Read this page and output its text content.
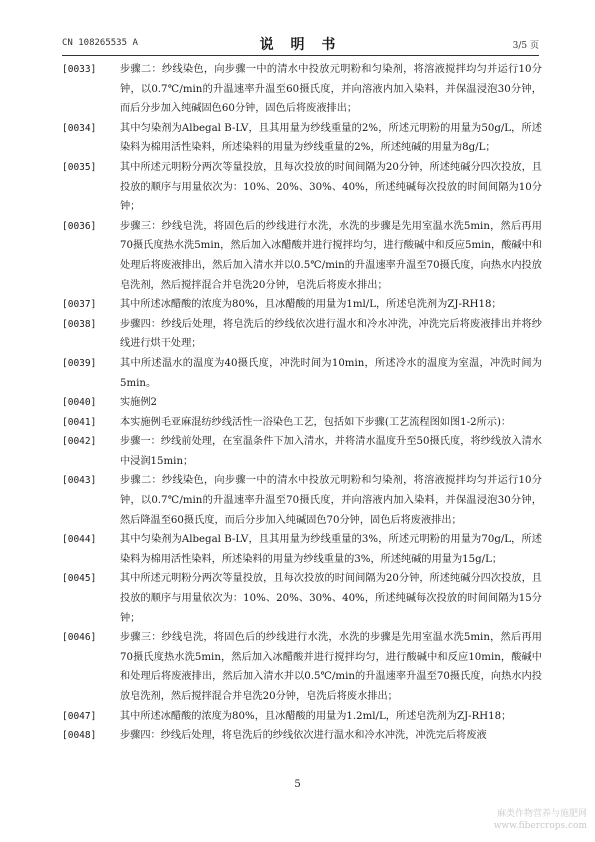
CN 108265535 A	说 明 书	3/5 页

[0033] 步骤二：纱线染色，向步骤一中的清水中投放元明粉和匀染剂，将溶液搅拌均匀并运行10分钟，以0.7℃/min的升温速率升温至60摄氏度，并向溶液内加入染料，并保温浸泡30分钟，而后分步加入纯碱固色60分钟，固色后将废液排出；

[0034] 其中匀染剂为Albegal B-LV，且其用量为纱线重量的2%，所述元明粉的用量为50g/L，所述染料为棉用活性染料，所述染料的用量为纱线重量的2%，所述纯碱的用量为8g/L；

[0035] 其中所述元明粉分两次等量投放，且每次投放的时间间隔为20分钟，所述纯碱分四次投放，且投放的顺序与用量依次为：10%、20%、30%、40%，所述纯碱每次投放的时间间隔为10分钟；

[0036] 步骤三：纱线皂洗，将固色后的纱线进行水洗，水洗的步骤是先用室温水洗5min，然后再用70摄氏度热水洗5min，然后加入冰醋酸并进行搅拌均匀，进行酸碱中和反应5min，酸碱中和处理后将废液排出，然后加入清水并以0.5℃/min的升温速率升温至70摄氏度，向热水内投放皂洗剂，然后搅拌混合并皂洗20分钟，皂洗后将废水排出；

[0037] 其中所述冰醋酸的浓度为80%，且冰醋酸的用量为1ml/L，所述皂洗剂为ZJ-RH18；

[0038] 步骤四：纱线后处理，将皂洗后的纱线依次进行温水和冷水冲洗，冲洗完后将废液排出并将纱线进行烘干处理；

[0039] 其中所述温水的温度为40摄氏度，冲洗时间为10min，所述冷水的温度为室温，冲洗时间为5min。

[0040] 实施例2

[0041] 本实施例毛亚麻混纺纱线活性一浴染色工艺，包括如下步骤(工艺流程图如图1-2所示)：

[0042] 步骤一：纱线前处理，在室温条件下加入清水，并将清水温度升至50摄氏度，将纱线放入清水中浸润15min；

[0043] 步骤二：纱线染色，向步骤一中的清水中投放元明粉和匀染剂，将溶液搅拌均匀并运行10分钟，以0.7℃/min的升温速率升温至70摄氏度，并向溶液内加入染料，并保温浸泡30分钟，然后降温至60摄氏度，而后分步加入纯碱固色70分钟，固色后将废液排出；

[0044] 其中匀染剂为Albegal B-LV，且其用量为纱线重量的3%，所述元明粉的用量为70g/L，所述染料为棉用活性染料，所述染料的用量为纱线重量的3%，所述纯碱的用量为15g/L；

[0045] 其中所述元明粉分两次等量投放，且每次投放的时间间隔为20分钟，所述纯碱分四次投放，且投放的顺序与用量依次为：10%、20%、30%、40%，所述纯碱每次投放的时间间隔为15分钟；

[0046] 步骤三：纱线皂洗，将固色后的纱线进行水洗，水洗的步骤是先用室温水洗5min，然后再用70摄氏度热水洗5min，然后加入冰醋酸并进行搅拌均匀，进行酸碱中和反应10min，酸碱中和处理后将废液排出，然后加入清水并以0.5℃/min的升温速率升温至70摄氏度，向热水内投放皂洗剂，然后搅拌混合并皂洗20分钟，皂洗后将废水排出；

[0047] 其中所述冰醋酸的浓度为80%，且冰醋酸的用量为1.2ml/L，所述皂洗剂为ZJ-RH18；

[0048] 步骤四：纱线后处理，将皂洗后的纱线依次进行温水和冷水冲洗，冲洗完后将废液

5
麻类作物营养与施肥网
www.fibercrops.com
